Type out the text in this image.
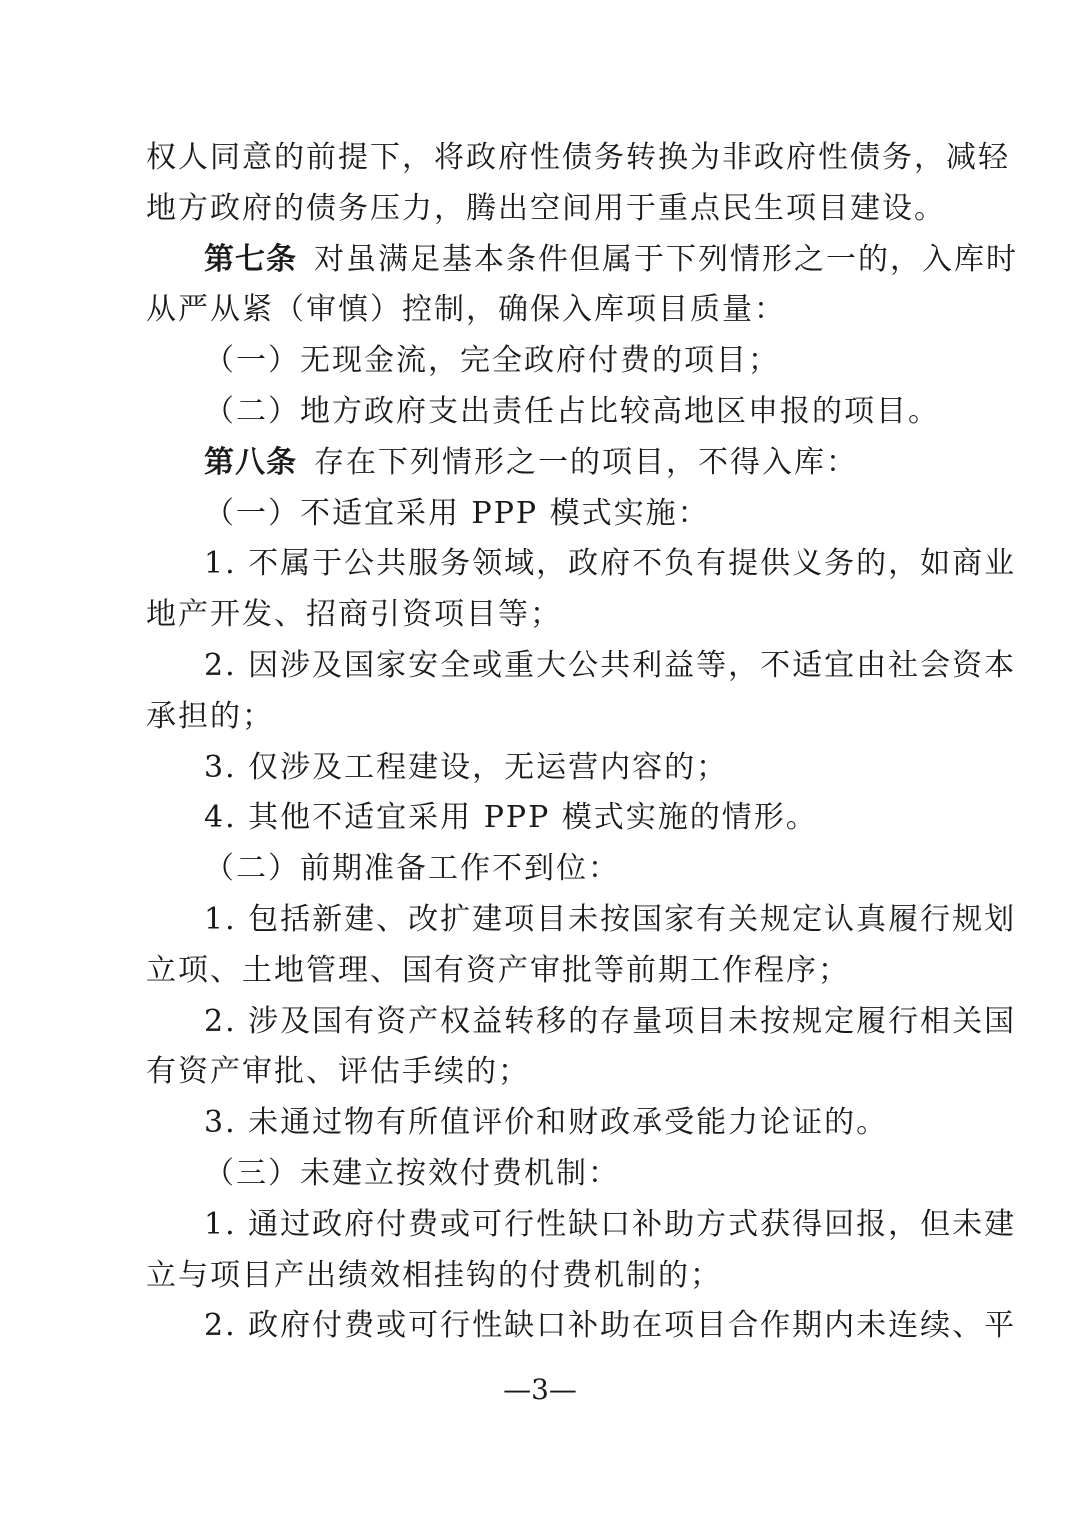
权人同意的前提下，将政府性债务转换为非政府性债务，减轻
地方政府的债务压力，腾出空间用于重点民生项目建设。
第七条  对虽满足基本条件但属于下列情形之一的，入库时
从严从紧（审慎）控制，确保入库项目质量：
（一）无现金流，完全政府付费的项目；
（二）地方政府支出责任占比较高地区申报的项目。
第八条  存在下列情形之一的项目，不得入库：
（一）不适宜采用 PPP 模式实施：
1. 不属于公共服务领域，政府不负有提供义务的，如商业
地产开发、招商引资项目等；
2. 因涉及国家安全或重大公共利益等，不适宜由社会资本
承担的；
3. 仅涉及工程建设，无运营内容的；
4. 其他不适宜采用 PPP 模式实施的情形。
（二）前期准备工作不到位：
1. 包括新建、改扩建项目未按国家有关规定认真履行规划
立项、土地管理、国有资产审批等前期工作程序；
2. 涉及国有资产权益转移的存量项目未按规定履行相关国
有资产审批、评估手续的；
3. 未通过物有所值评价和财政承受能力论证的。
（三）未建立按效付费机制：
1. 通过政府付费或可行性缺口补助方式获得回报，但未建
立与项目产出绩效相挂钩的付费机制的；
2. 政府付费或可行性缺口补助在项目合作期内未连续、平
—3—
